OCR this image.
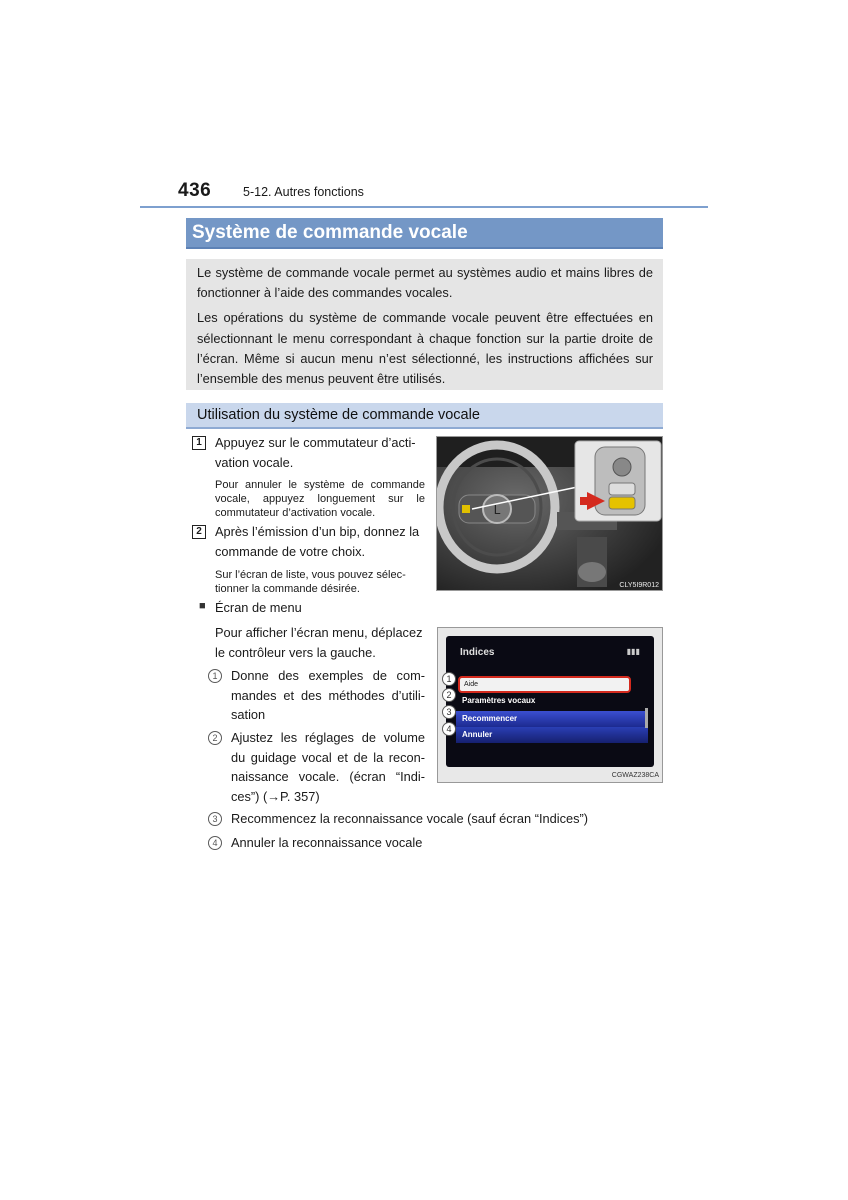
436	5-12. Autres fonctions
Système de commande vocale

Le système de commande vocale permet au systèmes audio et mains libres de fonctionner à l’aide des commandes vocales.

Les opérations du système de commande vocale peuvent être effectuées en sélectionnant le menu correspondant à chaque fonction sur la partie droite de l’écran. Même si aucun menu n’est sélectionné, les instructions affichées sur l’ensemble des menus peuvent être utilisés.

Utilisation du système de commande vocale
1	Appuyez sur le commutateur d’acti-
vation vocale.
Pour annuler le système de commande vocale, appuyez longuement sur le commutateur d’activation vocale.
2	Après l’émission d’un bip, donnez la
commande de votre choix.
Sur l’écran de liste, vous pouvez sélec- tionner la commande désirée.
L
CLY5I9R012
■ Écran de menu
Pour afficher l’écran menu, déplacez
le contrôleur vers la gauche.
1	Donne des exemples de com- mandes et des méthodes d’utili- sation
2	Ajustez les réglages de volume du guidage vocal et de la recon- naissance vocale. (écran “Indi- ces”) (→P. 357)
3	Recommencez la reconnaissance vocale (sauf écran “Indices”)
4	Annuler la reconnaissance vocale
Indices	▮▮▮
Aide
Paramètres vocaux
Recommencer
Annuler
1
2
3
4
CGWAZ238CA
